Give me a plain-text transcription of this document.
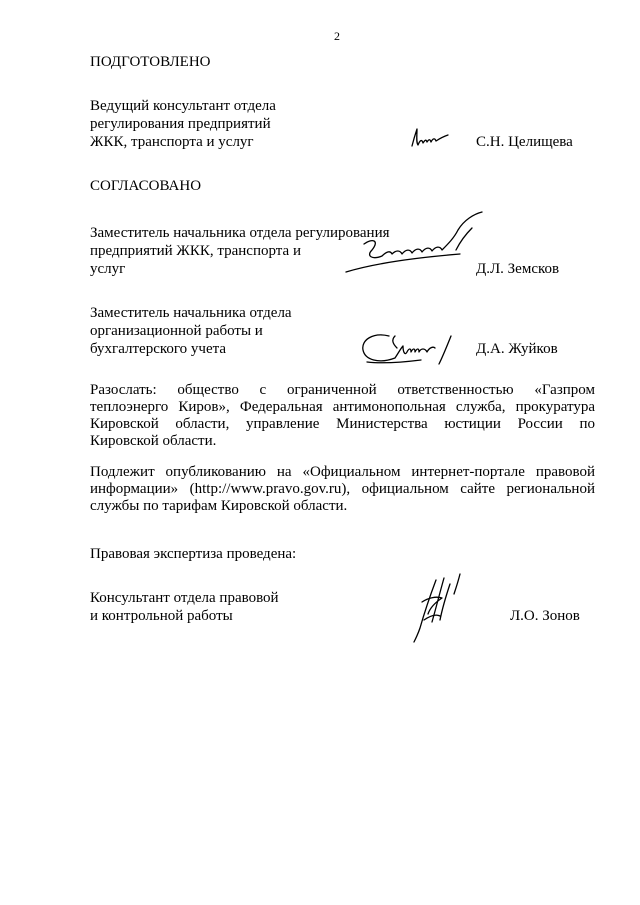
2
ПОДГОТОВЛЕНО
Ведущий консультант отдела
регулирования предприятий
ЖКК, транспорта и услуг	С.Н. Целищева
СОГЛАСОВАНО
Заместитель начальника отдела регулирования
предприятий ЖКК, транспорта и
услуг	Д.Л. Земсков
Заместитель начальника отдела
организационной работы и
бухгалтерского учета	Д.А. Жуйков
Разослать: общество с ограниченной ответственностью «Газпром
теплоэнерго Киров», Федеральная антимонопольная служба, прокуратура
Кировской области, управление Министерства юстиции России по
Кировской области.
Подлежит опубликованию на «Официальном интернет-портале правовой
информации» (http://www.pravo.gov.ru), официальном сайте региональной
службы по тарифам Кировской области.
Правовая экспертиза проведена:
Консультант отдела правовой
и контрольной работы	Л.О. Зонов
